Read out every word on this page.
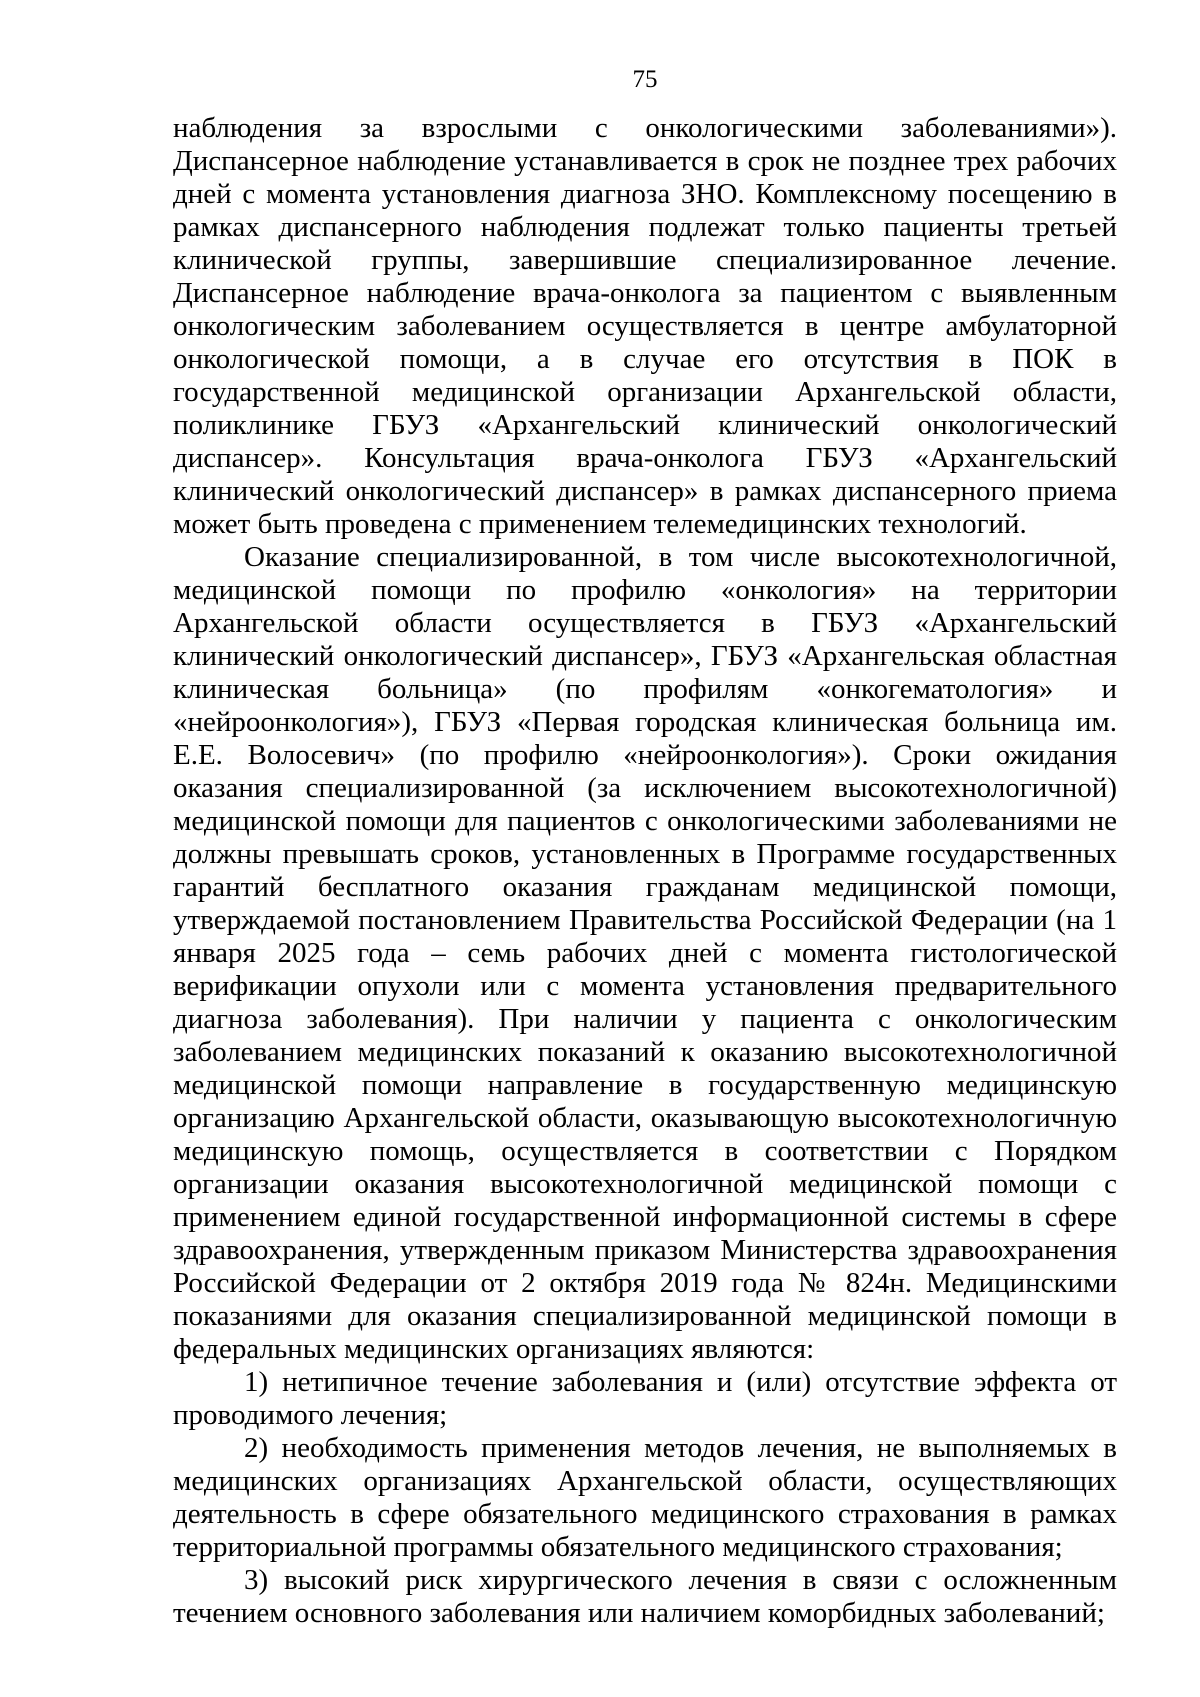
75

наблюдения за взрослыми с онкологическими заболеваниями»). Диспансерное наблюдение устанавливается в срок не позднее трех рабочих дней с момента установления диагноза ЗНО. Комплексному посещению в рамках диспансерного наблюдения подлежат только пациенты третьей клинической группы, завершившие специализированное лечение. Диспансерное наблюдение врача-онколога за пациентом с выявленным онкологическим заболеванием осуществляется в центре амбулаторной онкологической помощи, а в случае его отсутствия в ПОК в государственной медицинской организации Архангельской области, поликлинике ГБУЗ «Архангельский клинический онкологический диспансер». Консультация врача-онколога ГБУЗ «Архангельский клинический онкологический диспансер» в рамках диспансерного приема может быть проведена с применением телемедицинских технологий.

Оказание специализированной, в том числе высокотехнологичной, медицинской помощи по профилю «онкология» на территории Архангельской области осуществляется в ГБУЗ «Архангельский клинический онкологический диспансер», ГБУЗ «Архангельская областная клиническая больница» (по профилям «онкогематология» и «нейроонкология»), ГБУЗ «Первая городская клиническая больница им. Е.Е. Волосевич» (по профилю «нейроонкология»). Сроки ожидания оказания специализированной (за исключением высокотехнологичной) медицинской помощи для пациентов с онкологическими заболеваниями не должны превышать сроков, установленных в Программе государственных гарантий бесплатного оказания гражданам медицинской помощи, утверждаемой постановлением Правительства Российской Федерации (на 1 января 2025 года – семь рабочих дней с момента гистологической верификации опухоли или с момента установления предварительного диагноза заболевания). При наличии у пациента с онкологическим заболеванием медицинских показаний к оказанию высокотехнологичной медицинской помощи направление в государственную медицинскую организацию Архангельской области, оказывающую высокотехнологичную медицинскую помощь, осуществляется в соответствии с Порядком организации оказания высокотехнологичной медицинской помощи с применением единой государственной информационной системы в сфере здравоохранения, утвержденным приказом Министерства здравоохранения Российской Федерации от 2 октября 2019 года № 824н. Медицинскими показаниями для оказания специализированной медицинской помощи в федеральных медицинских организациях являются:

1) нетипичное течение заболевания и (или) отсутствие эффекта от проводимого лечения;

2) необходимость применения методов лечения, не выполняемых в медицинских организациях Архангельской области, осуществляющих деятельность в сфере обязательного медицинского страхования в рамках территориальной программы обязательного медицинского страхования;

3) высокий риск хирургического лечения в связи с осложненным течением основного заболевания или наличием коморбидных заболеваний;
